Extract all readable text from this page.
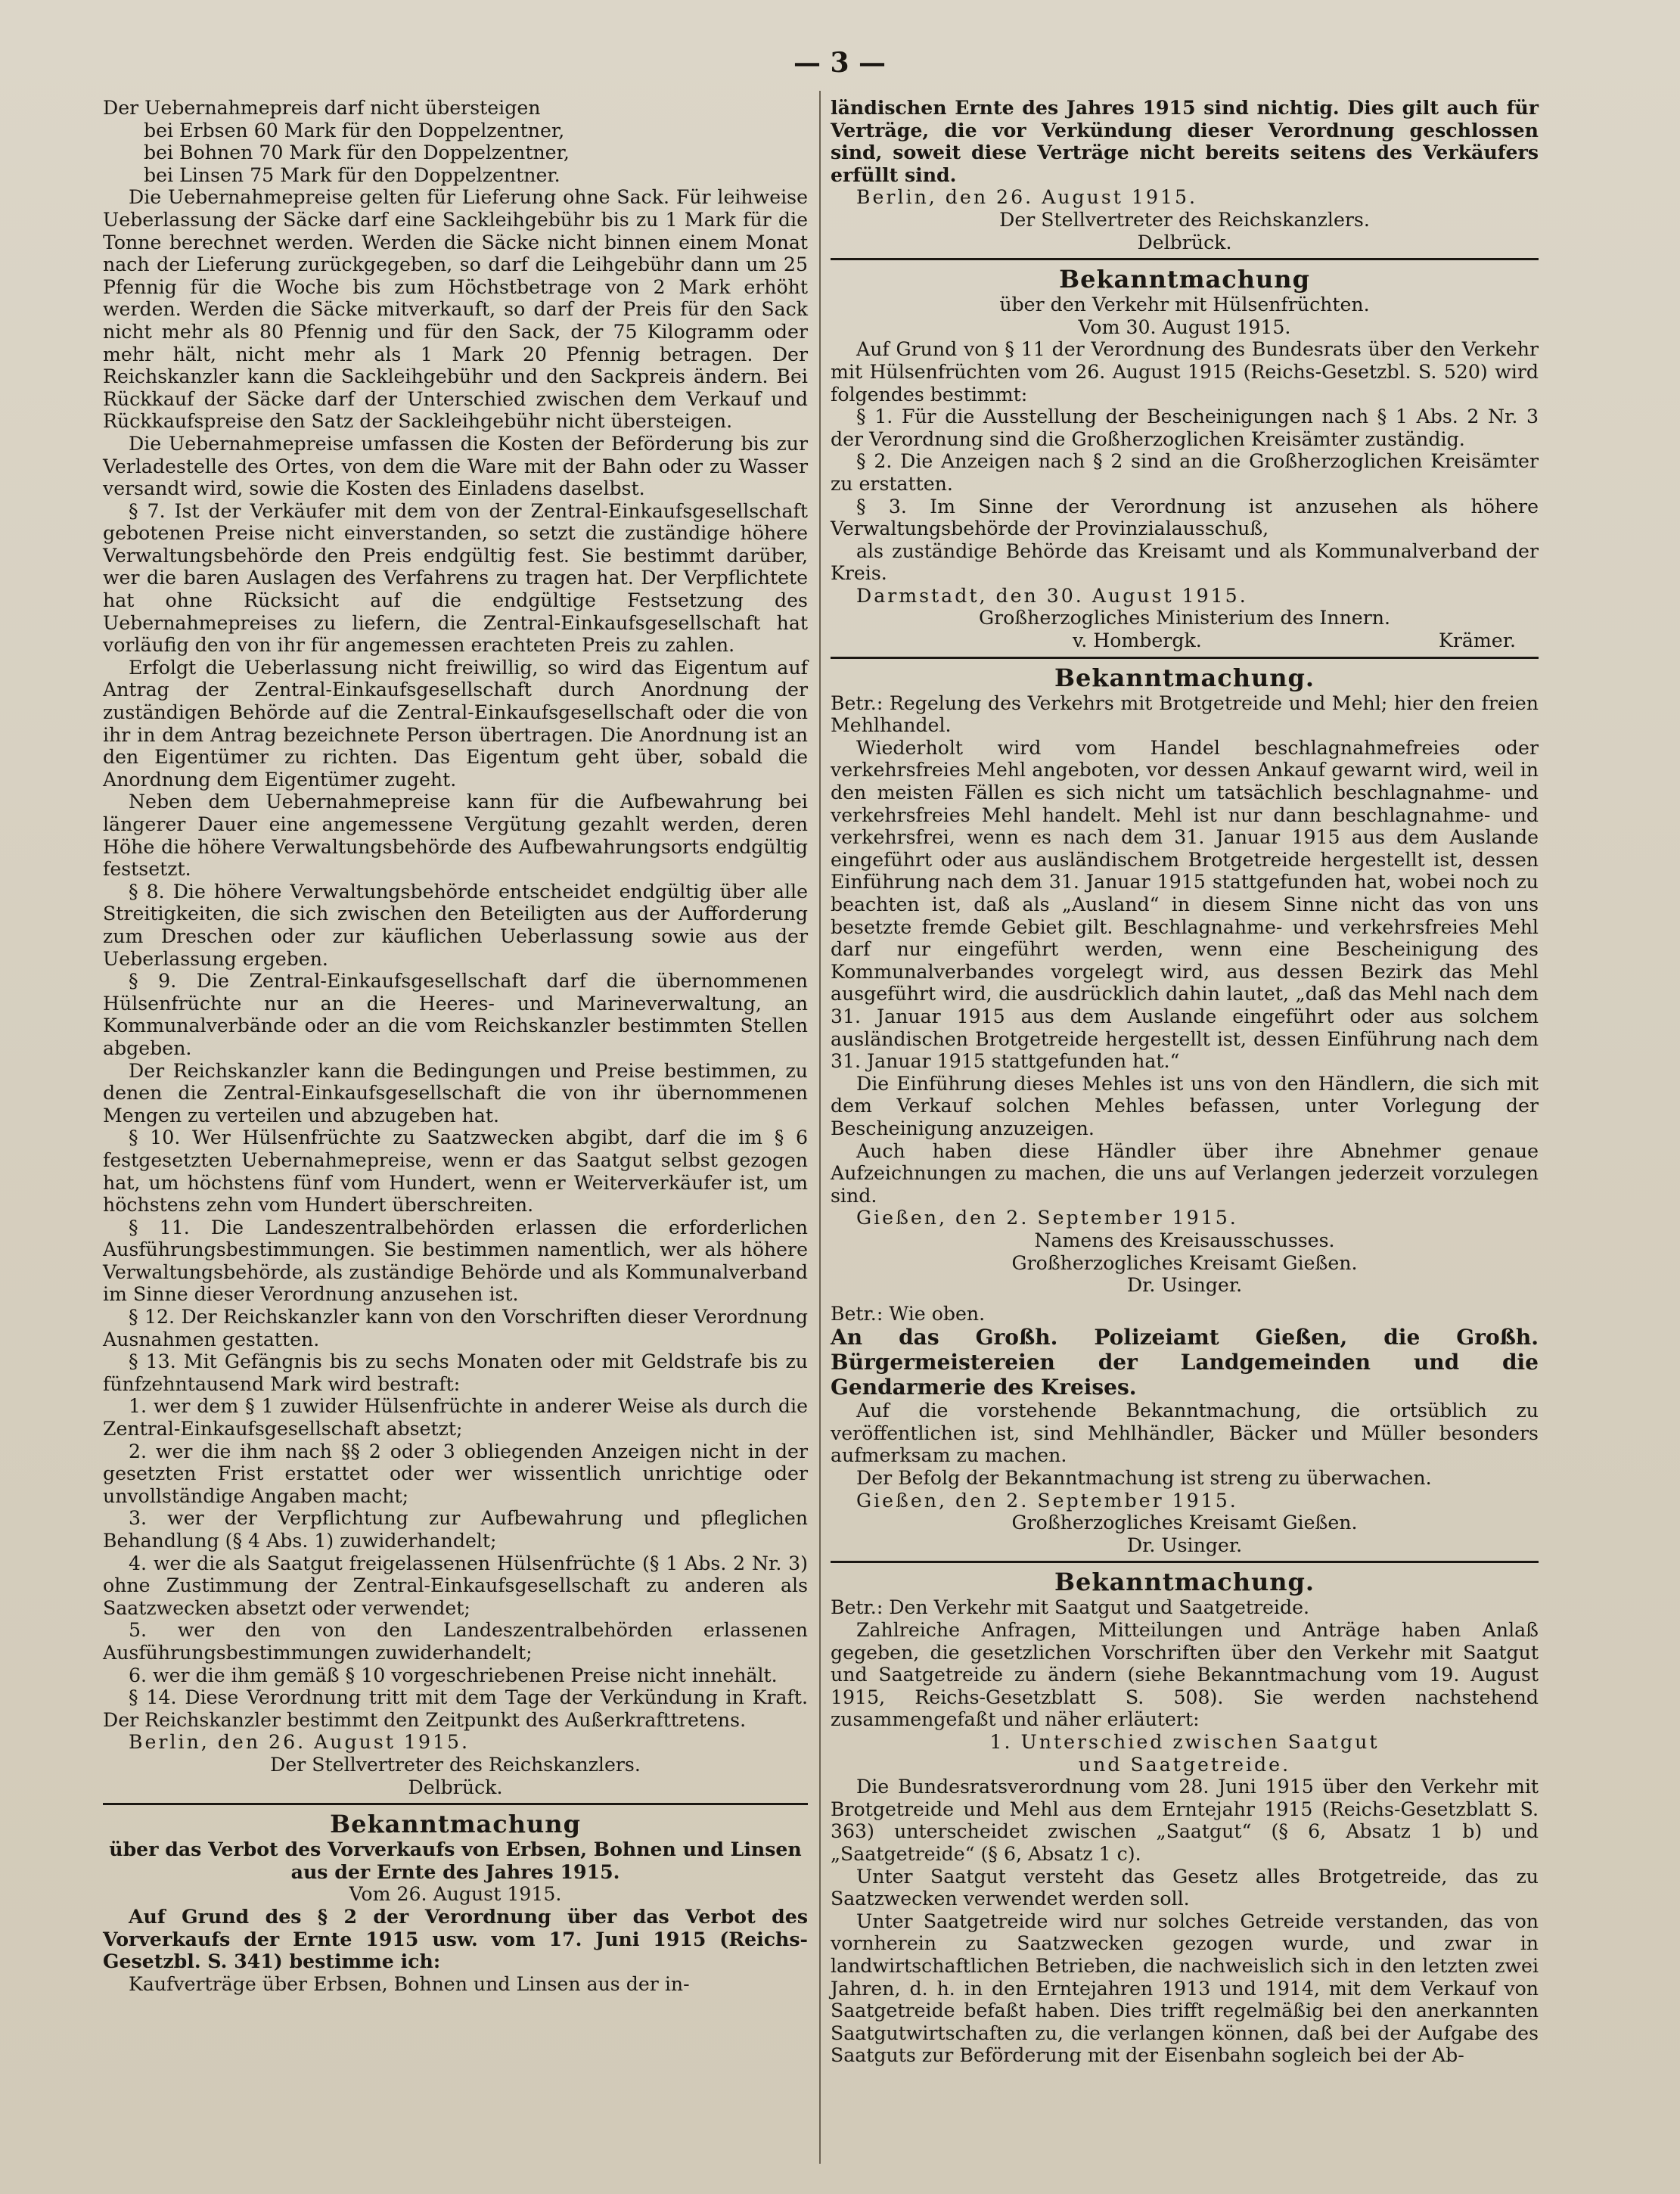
— 3 —

Der Uebernahmepreis darf nicht übersteigen

bei Erbsen 60 Mark für den Doppelzentner,

bei Bohnen 70 Mark für den Doppelzentner,

bei Linsen 75 Mark für den Doppelzentner.

Die Uebernahmepreise gelten für Lieferung ohne Sack. Für leihweise Ueberlassung der Säcke darf eine Sackleihgebühr bis zu 1 Mark für die Tonne berechnet werden. Werden die Säcke nicht binnen einem Monat nach der Lieferung zurückgegeben, so darf die Leihgebühr dann um 25 Pfennig für die Woche bis zum Höchstbetrage von 2 Mark erhöht werden. Werden die Säcke mitverkauft, so darf der Preis für den Sack nicht mehr als 80 Pfennig und für den Sack, der 75 Kilogramm oder mehr hält, nicht mehr als 1 Mark 20 Pfennig betragen. Der Reichskanzler kann die Sackleihgebühr und den Sackpreis ändern. Bei Rückkauf der Säcke darf der Unterschied zwischen dem Verkauf und Rückkaufspreise den Satz der Sackleihgebühr nicht übersteigen.

Die Uebernahmepreise umfassen die Kosten der Beförderung bis zur Verladestelle des Ortes, von dem die Ware mit der Bahn oder zu Wasser versandt wird, sowie die Kosten des Einladens daselbst.

§ 7. Ist der Verkäufer mit dem von der Zentral-Einkaufsgesellschaft gebotenen Preise nicht einverstanden, so setzt die zuständige höhere Verwaltungsbehörde den Preis endgültig fest. Sie bestimmt darüber, wer die baren Auslagen des Verfahrens zu tragen hat. Der Verpflichtete hat ohne Rücksicht auf die endgültige Festsetzung des Uebernahmepreises zu liefern, die Zentral-Einkaufsgesellschaft hat vorläufig den von ihr für angemessen erachteten Preis zu zahlen.

Erfolgt die Ueberlassung nicht freiwillig, so wird das Eigentum auf Antrag der Zentral-Einkaufsgesellschaft durch Anordnung der zuständigen Behörde auf die Zentral-Einkaufsgesellschaft oder die von ihr in dem Antrag bezeichnete Person übertragen. Die Anordnung ist an den Eigentümer zu richten. Das Eigentum geht über, sobald die Anordnung dem Eigentümer zugeht.

Neben dem Uebernahmepreise kann für die Aufbewahrung bei längerer Dauer eine angemessene Vergütung gezahlt werden, deren Höhe die höhere Verwaltungsbehörde des Aufbewahrungsorts endgültig festsetzt.

§ 8. Die höhere Verwaltungsbehörde entscheidet endgültig über alle Streitigkeiten, die sich zwischen den Beteiligten aus der Aufforderung zum Dreschen oder zur käuflichen Ueberlassung sowie aus der Ueberlassung ergeben.

§ 9. Die Zentral-Einkaufsgesellschaft darf die übernommenen Hülsenfrüchte nur an die Heeres- und Marineverwaltung, an Kommunalverbände oder an die vom Reichskanzler bestimmten Stellen abgeben.

Der Reichskanzler kann die Bedingungen und Preise bestimmen, zu denen die Zentral-Einkaufsgesellschaft die von ihr übernommenen Mengen zu verteilen und abzugeben hat.

§ 10. Wer Hülsenfrüchte zu Saatzwecken abgibt, darf die im § 6 festgesetzten Uebernahmepreise, wenn er das Saatgut selbst gezogen hat, um höchstens fünf vom Hundert, wenn er Weiterverkäufer ist, um höchstens zehn vom Hundert überschreiten.

§ 11. Die Landeszentralbehörden erlassen die erforderlichen Ausführungsbestimmungen. Sie bestimmen namentlich, wer als höhere Verwaltungsbehörde, als zuständige Behörde und als Kommunalverband im Sinne dieser Verordnung anzusehen ist.

§ 12. Der Reichskanzler kann von den Vorschriften dieser Verordnung Ausnahmen gestatten.

§ 13. Mit Gefängnis bis zu sechs Monaten oder mit Geldstrafe bis zu fünfzehntausend Mark wird bestraft:

1. wer dem § 1 zuwider Hülsenfrüchte in anderer Weise als durch die Zentral-Einkaufsgesellschaft absetzt;

2. wer die ihm nach §§ 2 oder 3 obliegenden Anzeigen nicht in der gesetzten Frist erstattet oder wer wissentlich unrichtige oder unvollständige Angaben macht;

3. wer der Verpflichtung zur Aufbewahrung und pfleglichen Behandlung (§ 4 Abs. 1) zuwiderhandelt;

4. wer die als Saatgut freigelassenen Hülsenfrüchte (§ 1 Abs. 2 Nr. 3) ohne Zustimmung der Zentral-Einkaufsgesellschaft zu anderen als Saatzwecken absetzt oder verwendet;

5. wer den von den Landeszentralbehörden erlassenen Ausführungsbestimmungen zuwiderhandelt;

6. wer die ihm gemäß § 10 vorgeschriebenen Preise nicht innehält.

§ 14. Diese Verordnung tritt mit dem Tage der Verkündung in Kraft. Der Reichskanzler bestimmt den Zeitpunkt des Außerkrafttretens.

Berlin, den 26. August 1915.

Der Stellvertreter des Reichskanzlers.

Delbrück.

Bekanntmachung

über das Verbot des Vorverkaufs von Erbsen, Bohnen und Linsen aus der Ernte des Jahres 1915.

Vom 26. August 1915.

Auf Grund des § 2 der Verordnung über das Verbot des Vorverkaufs der Ernte 1915 usw. vom 17. Juni 1915 (Reichs-Gesetzbl. S. 341) bestimme ich:

Kaufverträge über Erbsen, Bohnen und Linsen aus der in-

ländischen Ernte des Jahres 1915 sind nichtig. Dies gilt auch für Verträge, die vor Verkündung dieser Verordnung geschlossen sind, soweit diese Verträge nicht bereits seitens des Verkäufers erfüllt sind.

Berlin, den 26. August 1915.

Der Stellvertreter des Reichskanzlers.

Delbrück.

Bekanntmachung

über den Verkehr mit Hülsenfrüchten.

Vom 30. August 1915.

Auf Grund von § 11 der Verordnung des Bundesrats über den Verkehr mit Hülsenfrüchten vom 26. August 1915 (Reichs-Gesetzbl. S. 520) wird folgendes bestimmt:

§ 1. Für die Ausstellung der Bescheinigungen nach § 1 Abs. 2 Nr. 3 der Verordnung sind die Großherzoglichen Kreisämter zuständig.

§ 2. Die Anzeigen nach § 2 sind an die Großherzoglichen Kreisämter zu erstatten.

§ 3. Im Sinne der Verordnung ist anzusehen als höhere Verwaltungsbehörde der Provinzialausschuß,

als zuständige Behörde das Kreisamt und als Kommunalverband der Kreis.

Darmstadt, den 30. August 1915.

Großherzogliches Ministerium des Innern.

v. Hombergk.	Krämer.

Bekanntmachung.

Betr.: Regelung des Verkehrs mit Brotgetreide und Mehl; hier den freien Mehlhandel.

Wiederholt wird vom Handel beschlagnahmefreies oder verkehrsfreies Mehl angeboten, vor dessen Ankauf gewarnt wird, weil in den meisten Fällen es sich nicht um tatsächlich beschlagnahme- und verkehrsfreies Mehl handelt. Mehl ist nur dann beschlagnahme- und verkehrsfrei, wenn es nach dem 31. Januar 1915 aus dem Auslande eingeführt oder aus ausländischem Brotgetreide hergestellt ist, dessen Einführung nach dem 31. Januar 1915 stattgefunden hat, wobei noch zu beachten ist, daß als „Ausland“ in diesem Sinne nicht das von uns besetzte fremde Gebiet gilt. Beschlagnahme- und verkehrsfreies Mehl darf nur eingeführt werden, wenn eine Bescheinigung des Kommunalverbandes vorgelegt wird, aus dessen Bezirk das Mehl ausgeführt wird, die ausdrücklich dahin lautet, „daß das Mehl nach dem 31. Januar 1915 aus dem Auslande eingeführt oder aus solchem ausländischen Brotgetreide hergestellt ist, dessen Einführung nach dem 31. Januar 1915 stattgefunden hat.“

Die Einführung dieses Mehles ist uns von den Händlern, die sich mit dem Verkauf solchen Mehles befassen, unter Vorlegung der Bescheinigung anzuzeigen.

Auch haben diese Händler über ihre Abnehmer genaue Aufzeichnungen zu machen, die uns auf Verlangen jederzeit vorzulegen sind.

Gießen, den 2. September 1915.

Namens des Kreisausschusses.

Großherzogliches Kreisamt Gießen.

Dr. Usinger.

Betr.: Wie oben.

An das Großh. Polizeiamt Gießen, die Großh. Bürgermeistereien der Landgemeinden und die Gendarmerie des Kreises.

Auf die vorstehende Bekanntmachung, die ortsüblich zu veröffentlichen ist, sind Mehlhändler, Bäcker und Müller besonders aufmerksam zu machen.

Der Befolg der Bekanntmachung ist streng zu überwachen.

Gießen, den 2. September 1915.

Großherzogliches Kreisamt Gießen.

Dr. Usinger.

Bekanntmachung.

Betr.: Den Verkehr mit Saatgut und Saatgetreide.

Zahlreiche Anfragen, Mitteilungen und Anträge haben Anlaß gegeben, die gesetzlichen Vorschriften über den Verkehr mit Saatgut und Saatgetreide zu ändern (siehe Bekanntmachung vom 19. August 1915, Reichs-Gesetzblatt S. 508). Sie werden nachstehend zusammengefaßt und näher erläutert:

1. Unterschied zwischen Saatgut

und Saatgetreide.

Die Bundesratsverordnung vom 28. Juni 1915 über den Verkehr mit Brotgetreide und Mehl aus dem Erntejahr 1915 (Reichs-Gesetzblatt S. 363) unterscheidet zwischen „Saatgut“ (§ 6, Absatz 1 b) und „Saatgetreide“ (§ 6, Absatz 1 c).

Unter Saatgut versteht das Gesetz alles Brotgetreide, das zu Saatzwecken verwendet werden soll.

Unter Saatgetreide wird nur solches Getreide verstanden, das von vornherein zu Saatzwecken gezogen wurde, und zwar in landwirtschaftlichen Betrieben, die nachweislich sich in den letzten zwei Jahren, d. h. in den Erntejahren 1913 und 1914, mit dem Verkauf von Saatgetreide befaßt haben. Dies trifft regelmäßig bei den anerkannten Saatgutwirtschaften zu, die verlangen können, daß bei der Aufgabe des Saatguts zur Beförderung mit der Eisenbahn sogleich bei der Ab-
